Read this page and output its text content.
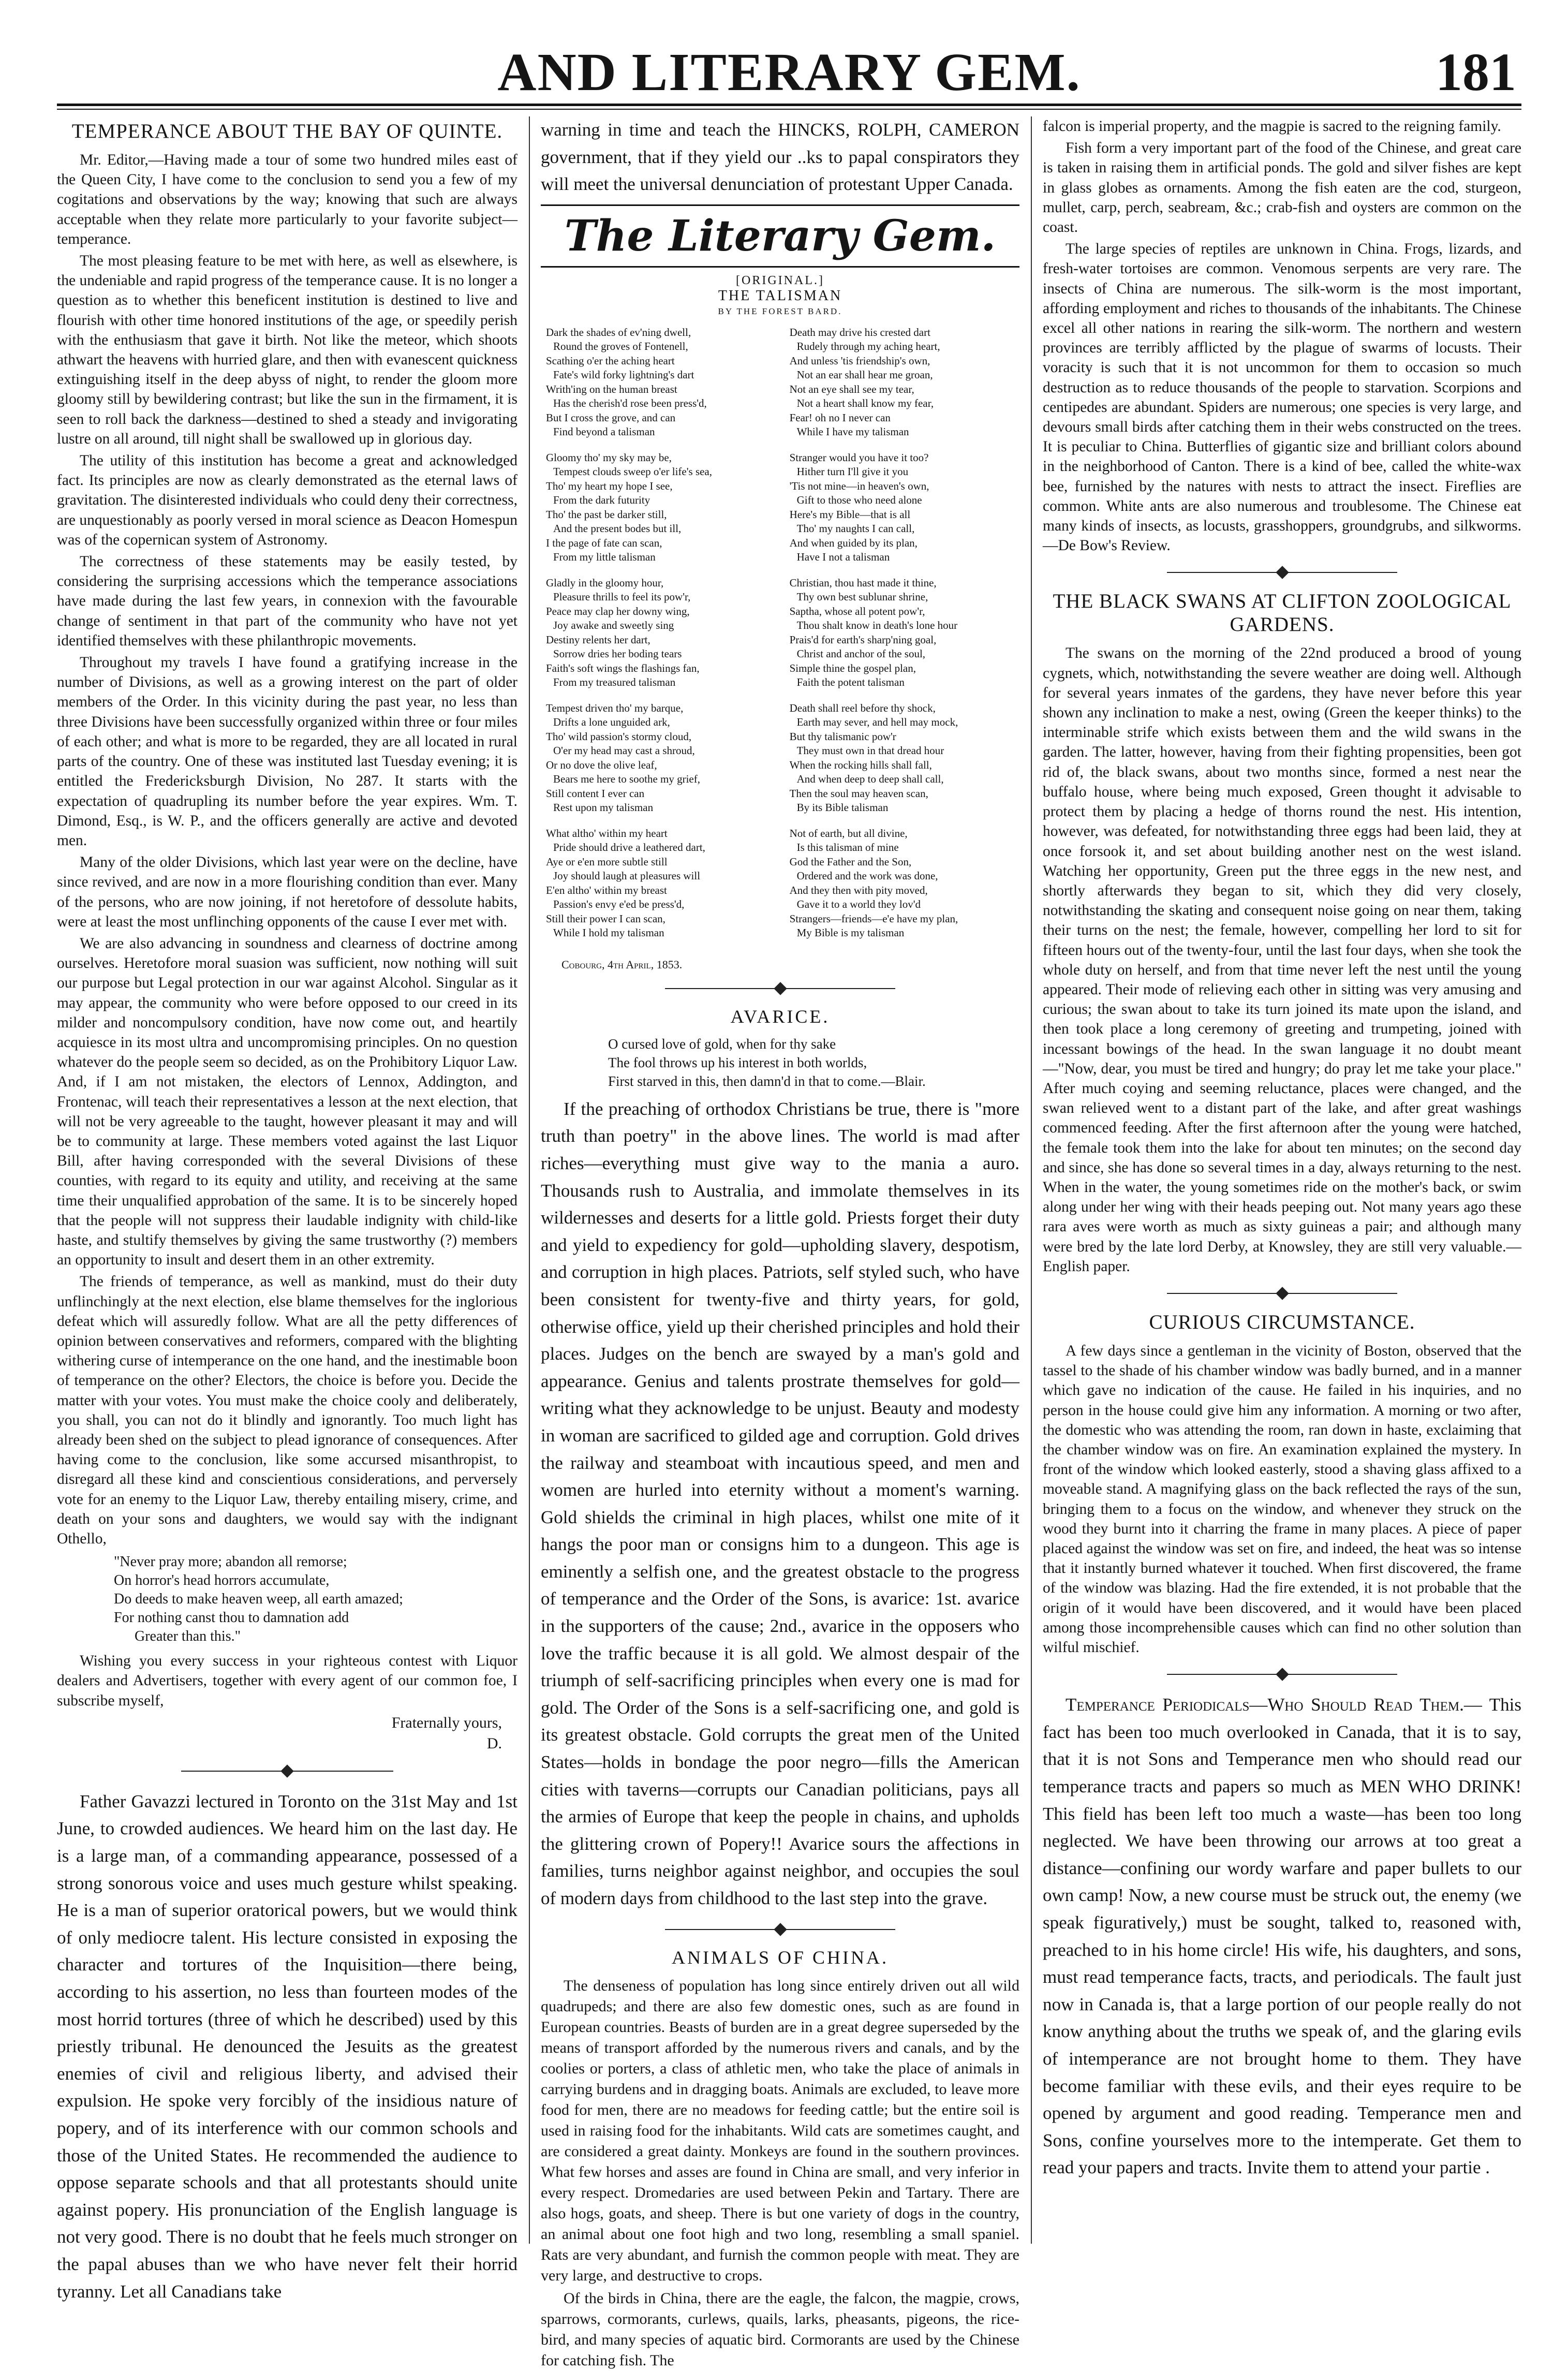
AND LITERARY GEM.	181
TEMPERANCE ABOUT THE BAY OF QUINTE.

Mr. Editor,—Having made a tour of some two hundred miles east of the Queen City, I have come to the conclusion to send you a few of my cogitations and observations by the way; knowing that such are always acceptable when they relate more particularly to your favorite subject—temperance.

The most pleasing feature to be met with here, as well as elsewhere, is the undeniable and rapid progress of the temperance cause. It is no longer a question as to whether this beneficent institution is destined to live and flourish with other time honored institutions of the age, or speedily perish with the enthusiasm that gave it birth. Not like the meteor, which shoots athwart the heavens with hurried glare, and then with evanescent quickness extinguishing itself in the deep abyss of night, to render the gloom more gloomy still by bewildering contrast; but like the sun in the firmament, it is seen to roll back the darkness—destined to shed a steady and invigorating lustre on all around, till night shall be swallowed up in glorious day.

The utility of this institution has become a great and acknowledged fact. Its principles are now as clearly demonstrated as the eternal laws of gravitation. The disinterested individuals who could deny their correctness, are unquestionably as poorly versed in moral science as Deacon Homespun was of the copernican system of Astronomy.

The correctness of these statements may be easily tested, by considering the surprising accessions which the temperance associations have made during the last few years, in connexion with the favourable change of sentiment in that part of the community who have not yet identified themselves with these philanthropic movements.

Throughout my travels I have found a gratifying increase in the number of Divisions, as well as a growing interest on the part of older members of the Order. In this vicinity during the past year, no less than three Divisions have been successfully organized within three or four miles of each other; and what is more to be regarded, they are all located in rural parts of the country. One of these was instituted last Tuesday evening; it is entitled the Fredericksburgh Division, No 287. It starts with the expectation of quadrupling its number before the year expires. Wm. T. Dimond, Esq., is W. P., and the officers generally are active and devoted men.

Many of the older Divisions, which last year were on the decline, have since revived, and are now in a more flourishing condition than ever. Many of the persons, who are now joining, if not heretofore of dessolute habits, were at least the most unflinching opponents of the cause I ever met with.

We are also advancing in soundness and clearness of doctrine among ourselves. Heretofore moral suasion was sufficient, now nothing will suit our purpose but Legal protection in our war against Alcohol. Singular as it may appear, the community who were before opposed to our creed in its milder and noncompulsory condition, have now come out, and heartily acquiesce in its most ultra and uncompromising principles. On no question whatever do the people seem so decided, as on the Prohibitory Liquor Law. And, if I am not mistaken, the electors of Lennox, Addington, and Frontenac, will teach their representatives a lesson at the next election, that will not be very agreeable to the taught, however pleasant it may and will be to community at large. These members voted against the last Liquor Bill, after having corresponded with the several Divisions of these counties, with regard to its equity and utility, and receiving at the same time their unqualified approbation of the same. It is to be sincerely hoped that the people will not suppress their laudable indignity with child-like haste, and stultify themselves by giving the same trustworthy (?) members an opportunity to insult and desert them in an other extremity.

The friends of temperance, as well as mankind, must do their duty unflinchingly at the next election, else blame themselves for the inglorious defeat which will assuredly follow. What are all the petty differences of opinion between conservatives and reformers, compared with the blighting withering curse of intemperance on the one hand, and the inestimable boon of temperance on the other? Electors, the choice is before you. Decide the matter with your votes. You must make the choice cooly and deliberately, you shall, you can not do it blindly and ignorantly. Too much light has already been shed on the subject to plead ignorance of consequences. After having come to the conclusion, like some accursed misanthropist, to disregard all these kind and conscientious considerations, and perversely vote for an enemy to the Liquor Law, thereby entailing misery, crime, and death on your sons and daughters, we would say with the indignant Othello,

"Never pray more; abandon all remorse;
On horror's head horrors accumulate,
Do deeds to make heaven weep, all earth amazed;
For nothing canst thou to damnation add
Greater than this."

Wishing you every success in your righteous contest with Liquor dealers and Advertisers, together with every agent of our common foe, I subscribe myself,

Fraternally yours,
D.

Father Gavazzi lectured in Toronto on the 31st May and 1st June, to crowded audiences. We heard him on the last day. He is a large man, of a commanding appearance, possessed of a strong sonorous voice and uses much gesture whilst speaking. He is a man of superior oratorical powers, but we would think of only mediocre talent. His lecture consisted in exposing the character and tortures of the Inquisition—there being, according to his assertion, no less than fourteen modes of the most horrid tortures (three of which he described) used by this priestly tribunal. He denounced the Jesuits as the greatest enemies of civil and religious liberty, and advised their expulsion. He spoke very forcibly of the insidious nature of popery, and of its interference with our common schools and those of the United States. He recommended the audience to oppose separate schools and that all protestants should unite against popery. His pronunciation of the English language is not very good. There is no doubt that he feels much stronger on the papal abuses than we who have never felt their horrid tyranny. Let all Canadians take

warning in time and teach the HINCKS, ROLPH, CAMERON government, that if they yield our ..ks to papal conspirators they will meet the universal denunciation of protestant Upper Canada.

The Literary Gem.
[ORIGINAL.]
THE TALISMAN
BY THE FOREST BARD.
Dark the shades of ev'ning dwell,
Round the groves of Fontenell,
Scathing o'er the aching heart
Fate's wild forky lightning's dart
Writh'ing on the human breast
Has the cherish'd rose been press'd,
But I cross the grove, and can
Find beyond a talisman
Gloomy tho' my sky may be,
Tempest clouds sweep o'er life's sea,
Tho' my heart my hope I see,
From the dark futurity
Tho' the past be darker still,
And the present bodes but ill,
I the page of fate can scan,
From my little talisman
Gladly in the gloomy hour,
Pleasure thrills to feel its pow'r,
Peace may clap her downy wing,
Joy awake and sweetly sing
Destiny relents her dart,
Sorrow dries her boding tears
Faith's soft wings the flashings fan,
From my treasured talisman
Tempest driven tho' my barque,
Drifts a lone unguided ark,
Tho' wild passion's stormy cloud,
O'er my head may cast a shroud,
Or no dove the olive leaf,
Bears me here to soothe my grief,
Still content I ever can
Rest upon my talisman
What altho' within my heart
Pride should drive a leathered dart,
Aye or e'en more subtle still
Joy should laugh at pleasures will
E'en altho' within my breast
Passion's envy e'ed be press'd,
Still their power I can scan,
While I hold my talisman
Death may drive his crested dart
Rudely through my aching heart,
And unless 'tis friendship's own,
Not an ear shall hear me groan,
Not an eye shall see my tear,
Not a heart shall know my fear,
Fear! oh no I never can
While I have my talisman
Stranger would you have it too?
Hither turn I'll give it you
'Tis not mine—in heaven's own,
Gift to those who need alone
Here's my Bible—that is all
Tho' my naughts I can call,
And when guided by its plan,
Have I not a talisman
Christian, thou hast made it thine,
Thy own best sublunar shrine,
Saptha, whose all potent pow'r,
Thou shalt know in death's lone hour
Prais'd for earth's sharp'ning goal,
Christ and anchor of the soul,
Simple thine the gospel plan,
Faith the potent talisman
Death shall reel before thy shock,
Earth may sever, and hell may mock,
But thy talismanic pow'r
They must own in that dread hour
When the rocking hills shall fall,
And when deep to deep shall call,
Then the soul may heaven scan,
By its Bible talisman
Not of earth, but all divine,
Is this talisman of mine
God the Father and the Son,
Ordered and the work was done,
And they then with pity moved,
Gave it to a world they lov'd
Strangers—friends—e'e have my plan,
My Bible is my talisman
Cobourg, 4th April, 1853.
AVARICE.
O cursed love of gold, when for thy sake
The fool throws up his interest in both worlds,
First starved in this, then damn'd in that to come.—Blair.

If the preaching of orthodox Christians be true, there is "more truth than poetry" in the above lines. The world is mad after riches—everything must give way to the mania a auro. Thousands rush to Australia, and immolate themselves in its wildernesses and deserts for a little gold. Priests forget their duty and yield to expediency for gold—upholding slavery, despotism, and corruption in high places. Patriots, self styled such, who have been consistent for twenty-five and thirty years, for gold, otherwise office, yield up their cherished principles and hold their places. Judges on the bench are swayed by a man's gold and appearance. Genius and talents prostrate themselves for gold—writing what they acknowledge to be unjust. Beauty and modesty in woman are sacrificed to gilded age and corruption. Gold drives the railway and steamboat with incautious speed, and men and women are hurled into eternity without a moment's warning. Gold shields the criminal in high places, whilst one mite of it hangs the poor man or consigns him to a dungeon. This age is eminently a selfish one, and the greatest obstacle to the progress of temperance and the Order of the Sons, is avarice: 1st. avarice in the supporters of the cause; 2nd., avarice in the opposers who love the traffic because it is all gold. We almost despair of the triumph of self-sacrificing principles when every one is mad for gold. The Order of the Sons is a self-sacrificing one, and gold is its greatest obstacle. Gold corrupts the great men of the United States—holds in bondage the poor negro—fills the American cities with taverns—corrupts our Canadian politicians, pays all the armies of Europe that keep the people in chains, and upholds the glittering crown of Popery!! Avarice sours the affections in families, turns neighbor against neighbor, and occupies the soul of modern days from childhood to the last step into the grave.

ANIMALS OF CHINA.

The denseness of population has long since entirely driven out all wild quadrupeds; and there are also few domestic ones, such as are found in European countries. Beasts of burden are in a great degree superseded by the means of transport afforded by the numerous rivers and canals, and by the coolies or porters, a class of athletic men, who take the place of animals in carrying burdens and in dragging boats. Animals are excluded, to leave more food for men, there are no meadows for feeding cattle; but the entire soil is used in raising food for the inhabitants. Wild cats are sometimes caught, and are considered a great dainty. Monkeys are found in the southern provinces. What few horses and asses are found in China are small, and very inferior in every respect. Dromedaries are used between Pekin and Tartary. There are also hogs, goats, and sheep. There is but one variety of dogs in the country, an animal about one foot high and two long, resembling a small spaniel. Rats are very abundant, and furnish the common people with meat. They are very large, and destructive to crops.

Of the birds in China, there are the eagle, the falcon, the magpie, crows, sparrows, cormorants, curlews, quails, larks, pheasants, pigeons, the rice-bird, and many species of aquatic bird. Cormorants are used by the Chinese for catching fish. The

falcon is imperial property, and the magpie is sacred to the reigning family.

Fish form a very important part of the food of the Chinese, and great care is taken in raising them in artificial ponds. The gold and silver fishes are kept in glass globes as ornaments. Among the fish eaten are the cod, sturgeon, mullet, carp, perch, seabream, &c.; crab-fish and oysters are common on the coast.

The large species of reptiles are unknown in China. Frogs, lizards, and fresh-water tortoises are common. Venomous serpents are very rare. The insects of China are numerous. The silk-worm is the most important, affording employment and riches to thousands of the inhabitants. The Chinese excel all other nations in rearing the silk-worm. The northern and western provinces are terribly afflicted by the plague of swarms of locusts. Their voracity is such that it is not uncommon for them to occasion so much destruction as to reduce thousands of the people to starvation. Scorpions and centipedes are abundant. Spiders are numerous; one species is very large, and devours small birds after catching them in their webs constructed on the trees. It is peculiar to China. Butterflies of gigantic size and brilliant colors abound in the neighborhood of Canton. There is a kind of bee, called the white-wax bee, furnished by the natures with nests to attract the insect. Fireflies are common. White ants are also numerous and troublesome. The Chinese eat many kinds of insects, as locusts, grasshoppers, groundgrubs, and silkworms.—De Bow's Review.

THE BLACK SWANS AT CLIFTON ZOOLOGICAL GARDENS.

The swans on the morning of the 22nd produced a brood of young cygnets, which, notwithstanding the severe weather are doing well. Although for several years inmates of the gardens, they have never before this year shown any inclination to make a nest, owing (Green the keeper thinks) to the interminable strife which exists between them and the wild swans in the garden. The latter, however, having from their fighting propensities, been got rid of, the black swans, about two months since, formed a nest near the buffalo house, where being much exposed, Green thought it advisable to protect them by placing a hedge of thorns round the nest. His intention, however, was defeated, for notwithstanding three eggs had been laid, they at once forsook it, and set about building another nest on the west island. Watching her opportunity, Green put the three eggs in the new nest, and shortly afterwards they began to sit, which they did very closely, notwithstanding the skating and consequent noise going on near them, taking their turns on the nest; the female, however, compelling her lord to sit for fifteen hours out of the twenty-four, until the last four days, when she took the whole duty on herself, and from that time never left the nest until the young appeared. Their mode of relieving each other in sitting was very amusing and curious; the swan about to take its turn joined its mate upon the island, and then took place a long ceremony of greeting and trumpeting, joined with incessant bowings of the head. In the swan language it no doubt meant—"Now, dear, you must be tired and hungry; do pray let me take your place." After much coying and seeming reluctance, places were changed, and the swan relieved went to a distant part of the lake, and after great washings commenced feeding. After the first afternoon after the young were hatched, the female took them into the lake for about ten minutes; on the second day and since, she has done so several times in a day, always returning to the nest. When in the water, the young sometimes ride on the mother's back, or swim along under her wing with their heads peeping out. Not many years ago these rara aves were worth as much as sixty guineas a pair; and although many were bred by the late lord Derby, at Knowsley, they are still very valuable.—English paper.

CURIOUS CIRCUMSTANCE.

A few days since a gentleman in the vicinity of Boston, observed that the tassel to the shade of his chamber window was badly burned, and in a manner which gave no indication of the cause. He failed in his inquiries, and no person in the house could give him any information. A morning or two after, the domestic who was attending the room, ran down in haste, exclaiming that the chamber window was on fire. An examination explained the mystery. In front of the window which looked easterly, stood a shaving glass affixed to a moveable stand. A magnifying glass on the back reflected the rays of the sun, bringing them to a focus on the window, and whenever they struck on the wood they burnt into it charring the frame in many places. A piece of paper placed against the window was set on fire, and indeed, the heat was so intense that it instantly burned whatever it touched. When first discovered, the frame of the window was blazing. Had the fire extended, it is not probable that the origin of it would have been discovered, and it would have been placed among those incomprehensible causes which can find no other solution than wilful mischief.

Temperance Periodicals—Who Should Read Them.— This fact has been too much overlooked in Canada, that it is to say, that it is not Sons and Temperance men who should read our temperance tracts and papers so much as MEN WHO DRINK! This field has been left too much a waste—has been too long neglected. We have been throwing our arrows at too great a distance—confining our wordy warfare and paper bullets to our own camp! Now, a new course must be struck out, the enemy (we speak figuratively,) must be sought, talked to, reasoned with, preached to in his home circle! His wife, his daughters, and sons, must read temperance facts, tracts, and periodicals. The fault just now in Canada is, that a large portion of our people really do not know anything about the truths we speak of, and the glaring evils of intemperance are not brought home to them. They have become familiar with these evils, and their eyes require to be opened by argument and good reading. Temperance men and Sons, confine yourselves more to the intemperate. Get them to read your papers and tracts. Invite them to attend your partie .
